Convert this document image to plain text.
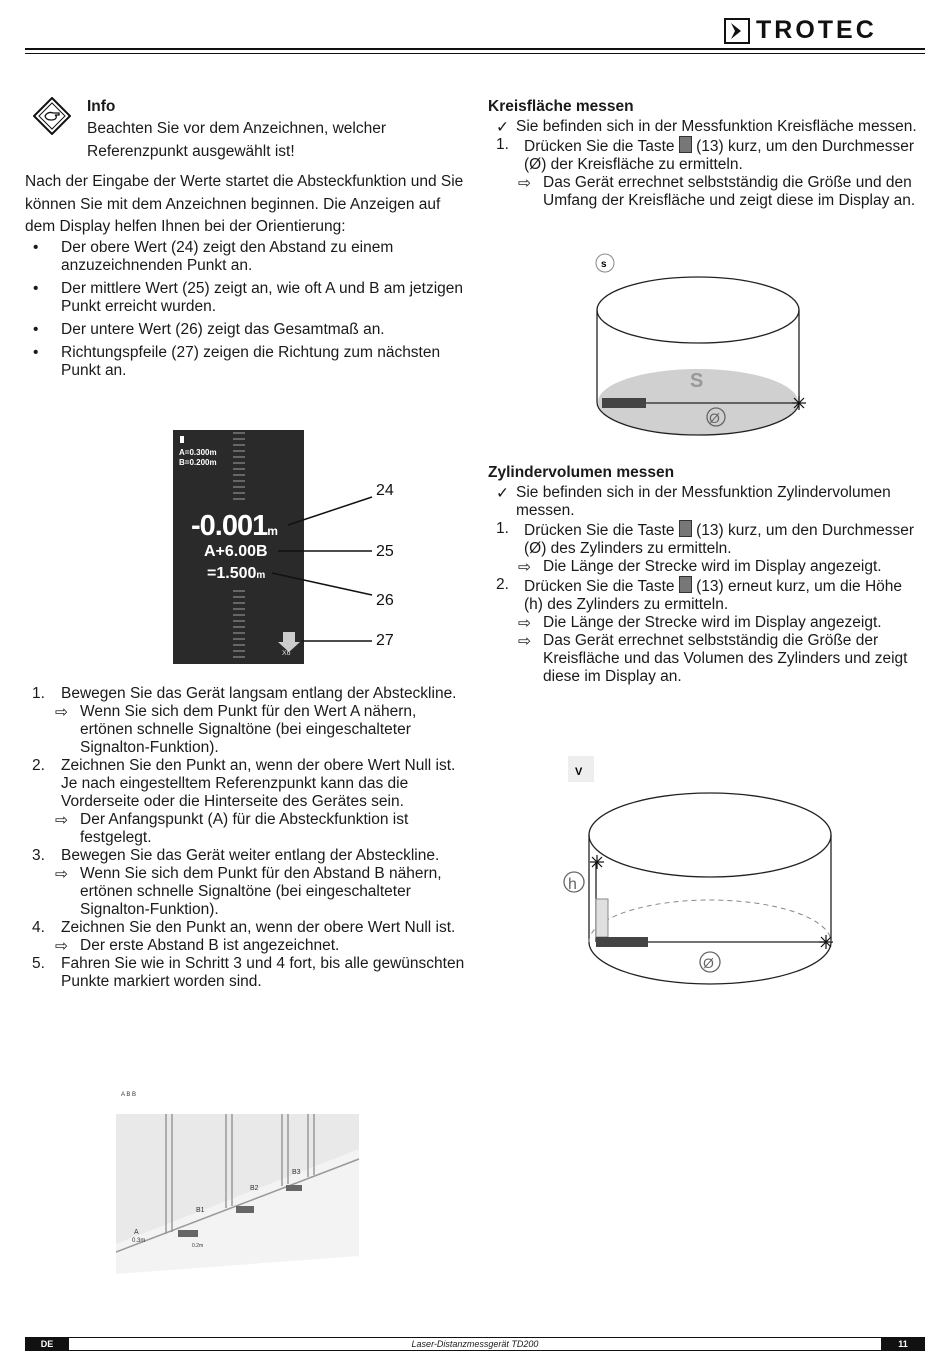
TROTEC
Info

Beachten Sie vor dem Anzeichnen, welcher Referenzpunkt ausgewählt ist!

Nach der Eingabe der Werte startet die Absteckfunktion und Sie können Sie mit dem Anzeichnen beginnen. Die Anzeigen auf dem Display helfen Ihnen bei der Orientierung:

• Der obere Wert (24) zeigt den Abstand zu einem anzuzeichnenden Punkt an.
• Der mittlere Wert (25) zeigt an, wie oft A und B am jetzigen Punkt erreicht wurden.
• Der untere Wert (26) zeigt das Gesamtmaß an.
• Richtungspfeile (27) zeigen die Richtung zum nächsten Punkt an.
A=0.300m
B=0.200m
-0.001m
A+6.00B
=1.500m
X6
24
25
26
27
1. Bewegen Sie das Gerät langsam entlang der Absteckline.
⇨ Wenn Sie sich dem Punkt für den Wert A nähern, ertönen schnelle Signaltöne (bei eingeschalteter Signalton-Funktion).
2. Zeichnen Sie den Punkt an, wenn der obere Wert Null ist. Je nach eingestelltem Referenzpunkt kann das die Vorderseite oder die Hinterseite des Gerätes sein.
⇨ Der Anfangspunkt (A) für die Absteckfunktion ist festgelegt.
3. Bewegen Sie das Gerät weiter entlang der Absteckline.
⇨ Wenn Sie sich dem Punkt für den Abstand B nähern, ertönen schnelle Signaltöne (bei eingeschalteter Signalton-Funktion).
4. Zeichnen Sie den Punkt an, wenn der obere Wert Null ist.
⇨ Der erste Abstand B ist angezeichnet.
5. Fahren Sie wie in Schritt 3 und 4 fort, bis alle gewünschten Punkte markiert worden sind.
A B B
A
0.3m
B1
B2
B3
0.2m
Kreisfläche messen
✓ Sie befinden sich in der Messfunktion Kreisfläche messen.
1. Drücken Sie die Taste (13) kurz, um den Durchmesser (Ø) der Kreisfläche zu ermitteln.
⇨ Das Gerät errechnet selbstständig die Größe und den Umfang der Kreisfläche und zeigt diese im Display an.
s
S
Ø
Zylindervolumen messen
✓ Sie befinden sich in der Messfunktion Zylindervolumen messen.
1. Drücken Sie die Taste (13) kurz, um den Durchmesser (Ø) des Zylinders zu ermitteln.
⇨ Die Länge der Strecke wird im Display angezeigt.
2. Drücken Sie die Taste (13) erneut kurz, um die Höhe (h) des Zylinders zu ermitteln.
⇨ Die Länge der Strecke wird im Display angezeigt.
⇨ Das Gerät errechnet selbstständig die Größe der Kreisfläche und das Volumen des Zylinders und zeigt diese im Display an.
V
h
Ø
DE	Laser-Distanzmessgerät TD200	11
